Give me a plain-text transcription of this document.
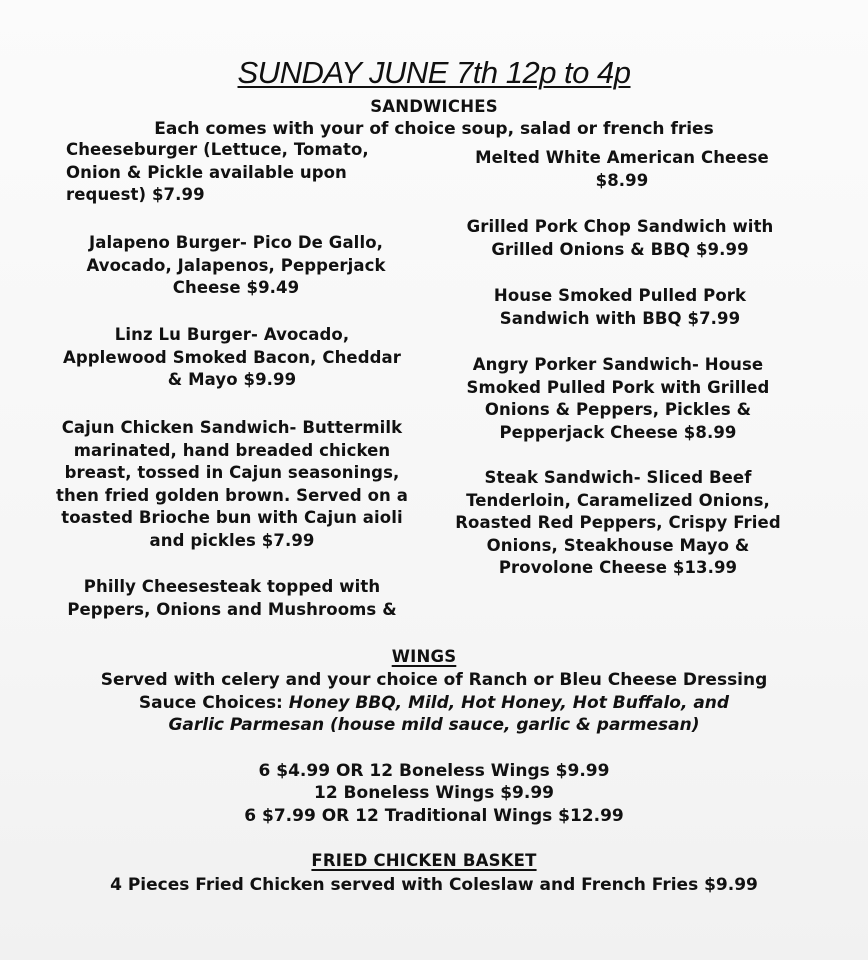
SUNDAY JUNE 7th 12p to 4p
SANDWICHES
Each comes with your of choice soup, salad or french fries
Cheeseburger (Lettuce, Tomato,
Onion & Pickle available upon
request) $7.99
Jalapeno Burger- Pico De Gallo,
Avocado, Jalapenos, Pepperjack
Cheese $9.49
Linz Lu Burger- Avocado,
Applewood Smoked Bacon, Cheddar
& Mayo $9.99
Cajun Chicken Sandwich- Buttermilk
marinated, hand breaded chicken
breast, tossed in Cajun seasonings,
then fried golden brown. Served on a
toasted Brioche bun with Cajun aioli
and pickles $7.99
Philly Cheesesteak topped with
Peppers, Onions and Mushrooms &
Melted White American Cheese
$8.99
Grilled Pork Chop Sandwich with
Grilled Onions & BBQ $9.99
House Smoked Pulled Pork
Sandwich with BBQ $7.99
Angry Porker Sandwich- House
Smoked Pulled Pork with Grilled
Onions & Peppers, Pickles &
Pepperjack Cheese $8.99
Steak Sandwich- Sliced Beef
Tenderloin, Caramelized Onions,
Roasted Red Peppers, Crispy Fried
Onions, Steakhouse Mayo &
Provolone Cheese $13.99
WINGS
Served with celery and your choice of Ranch or Bleu Cheese Dressing
Sauce Choices: Honey BBQ, Mild, Hot Honey, Hot Buffalo, and
Garlic Parmesan (house mild sauce, garlic & parmesan)
6 $4.99 OR 12 Boneless Wings $9.99
12 Boneless Wings $9.99
6 $7.99 OR 12 Traditional Wings $12.99
FRIED CHICKEN BASKET
4 Pieces Fried Chicken served with Coleslaw and French Fries $9.99
